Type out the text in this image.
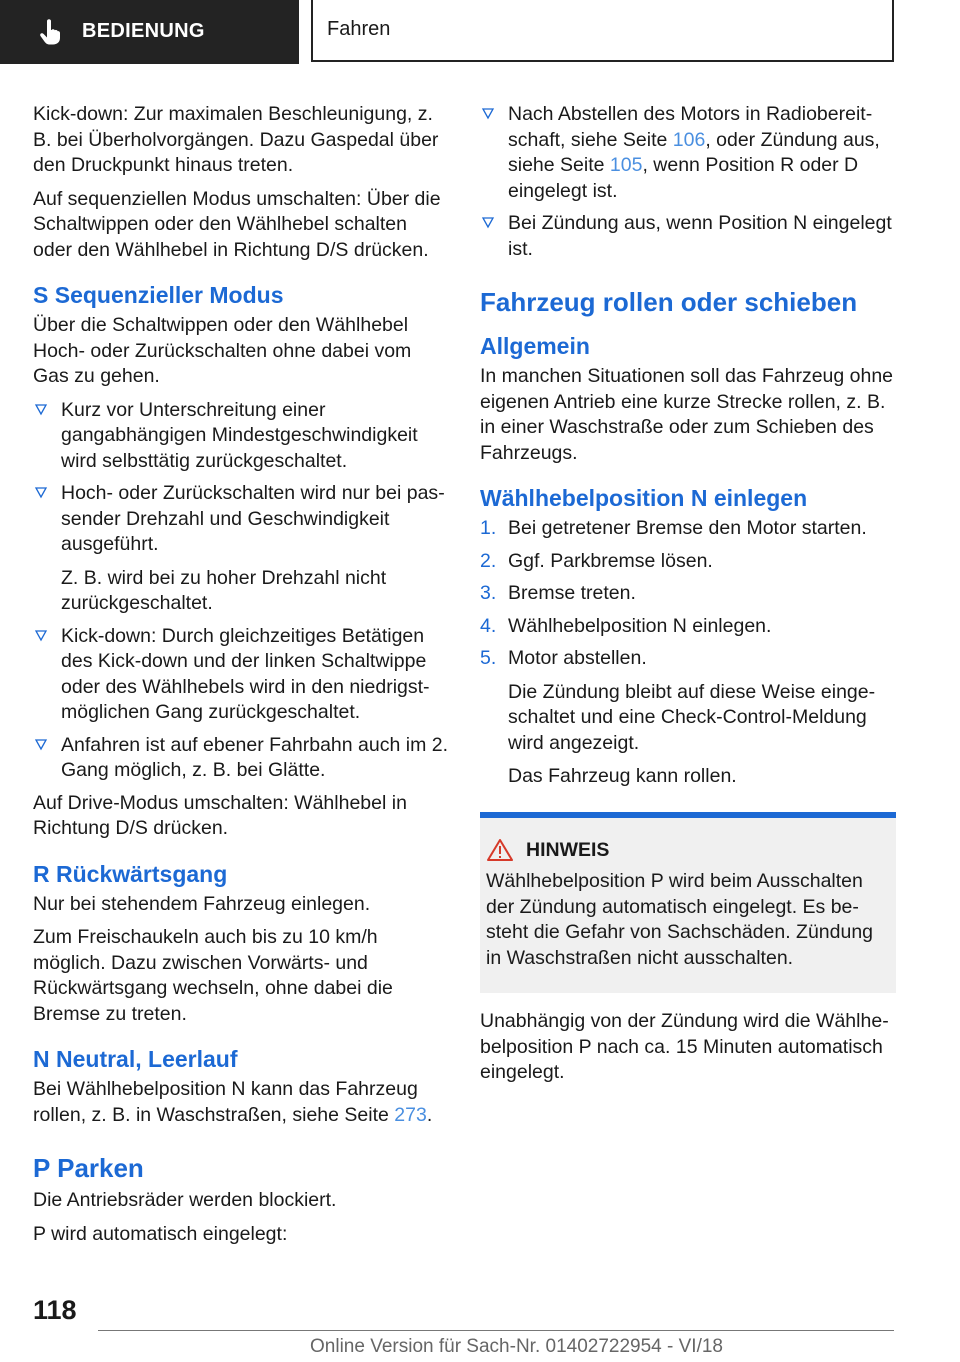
BEDIENUNG	Fahren

Kick-down: Zur maximalen Beschleunigung, z. B. bei Überholvorgängen. Dazu Gaspedal über den Druckpunkt hinaus treten.

Auf sequenziellen Modus umschalten: Über die Schaltwippen oder den Wählhebel schalten oder den Wählhebel in Richtung D/S drücken.

S Sequenzieller Modus

Über die Schaltwippen oder den Wählhebel Hoch- oder Zurückschalten ohne dabei vom Gas zu gehen.

Kurz vor Unterschreitung einer gangabhängigen Mindestgeschwindigkeit wird selbsttätig zurückgeschaltet.
Hoch- oder Zurückschalten wird nur bei passender Drehzahl und Geschwindigkeit ausgeführt.

Z. B. wird bei zu hoher Drehzahl nicht zurückgeschaltet.

Kick-down: Durch gleichzeitiges Betätigen des Kick-down und der linken Schaltwippe oder des Wählhebels wird in den niedrigstmöglichen Gang zurückgeschaltet.
Anfahren ist auf ebener Fahrbahn auch im 2. Gang möglich, z. B. bei Glätte.

Auf Drive-Modus umschalten: Wählhebel in Richtung D/S drücken.

R Rückwärtsgang

Nur bei stehendem Fahrzeug einlegen.

Zum Freischaukeln auch bis zu 10 km/h möglich. Dazu zwischen Vorwärts- und Rückwärtsgang wechseln, ohne dabei die Bremse zu treten.

N Neutral, Leerlauf

Bei Wählhebelposition N kann das Fahrzeug rollen, z. B. in Waschstraßen, siehe Seite 273.

P Parken

Die Antriebsräder werden blockiert.

P wird automatisch eingelegt:

Nach Abstellen des Motors in Radiobereitschaft, siehe Seite 106, oder Zündung aus, siehe Seite 105, wenn Position R oder D eingelegt ist.
Bei Zündung aus, wenn Position N eingelegt ist.
Fahrzeug rollen oder schieben
Allgemein

In manchen Situationen soll das Fahrzeug ohne eigenen Antrieb eine kurze Strecke rollen, z. B. in einer Waschstraße oder zum Schieben des Fahrzeugs.

Wählhebelposition N einlegen
1. Bei getretener Bremse den Motor starten.
2. Ggf. Parkbremse lösen.
3. Bremse treten.
4. Wählhebelposition N einlegen.
5. Motor abstellen.

Die Zündung bleibt auf diese Weise eingeschaltet und eine Check-Control-Meldung wird angezeigt.

Das Fahrzeug kann rollen.

HINWEIS

Wählhebelposition P wird beim Ausschalten der Zündung automatisch eingelegt. Es besteht die Gefahr von Sachschäden. Zündung in Waschstraßen nicht ausschalten.

Unabhängig von der Zündung wird die Wählhebelposition P nach ca. 15 Minuten automatisch eingelegt.

118
Online Version für Sach-Nr. 01402722954 - VI/18
